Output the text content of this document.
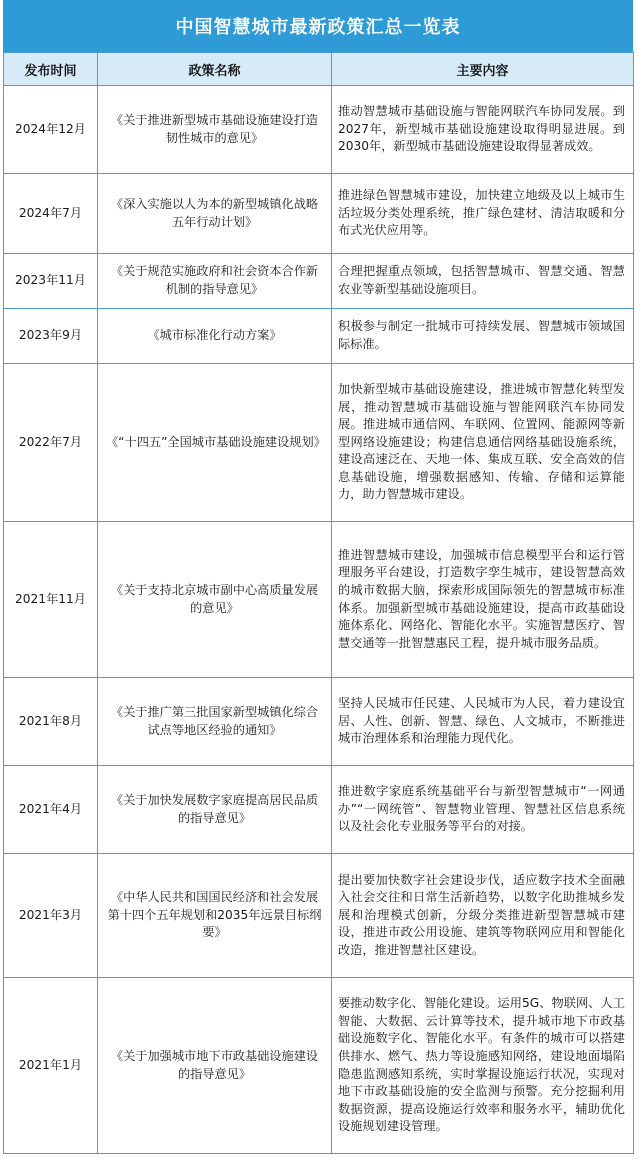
中国智慧城市最新政策汇总一览表
发布时间	政策名称	主要内容
2024年12月	《关于推进新型城市基础设施建设打造韧性城市的意见》	推动智慧城市基础设施与智能网联汽车协同发展。到2027年，新型城市基础设施建设取得明显进展。到2030年，新型城市基础设施建设取得显著成效。
2024年7月	《深入实施以人为本的新型城镇化战略五年行动计划》	推进绿色智慧城市建设，加快建立地级及以上城市生活垃圾分类处理系统，推广绿色建材、清洁取暖和分布式光伏应用等。
2023年11月	《关于规范实施政府和社会资本合作新机制的指导意见》	合理把握重点领域，包括智慧城市、智慧交通、智慧农业等新型基础设施项目。
2023年9月	《城市标准化行动方案》	积极参与制定一批城市可持续发展、智慧城市领域国际标准。
2022年7月	《“十四五”全国城市基础设施建设规划》	加快新型城市基础设施建设，推进城市智慧化转型发展，推动智慧城市基础设施与智能网联汽车协同发展。推进城市通信网、车联网、位置网、能源网等新型网络设施建设；构建信息通信网络基础设施系统，建设高速泛在、天地一体、集成互联、安全高效的信息基础设施，增强数据感知、传输、存储和运算能力，助力智慧城市建设。
2021年11月	《关于支持北京城市副中心高质量发展的意见》	推进智慧城市建设，加强城市信息模型平台和运行管理服务平台建设，打造数字孪生城市，建设智慧高效的城市数据大脑，探索形成国际领先的智慧城市标准体系。加强新型城市基础设施建设，提高市政基础设施体系化、网络化、智能化水平。实施智慧医疗、智慧交通等一批智慧惠民工程，提升城市服务品质。
2021年8月	《关于推广第三批国家新型城镇化综合试点等地区经验的通知》	坚持人民城市任民建、人民城市为人民，着力建设宜居、人性、创新、智慧、绿色、人文城市，不断推进城市治理体系和治理能力现代化。
2021年4月	《关于加快发展数字家庭提高居民品质的指导意见》	推进数字家庭系统基础平台与新型智慧城市“一网通办”“一网统管”、智慧物业管理、智慧社区信息系统以及社会化专业服务等平台的对接。
2021年3月	《中华人民共和国国民经济和社会发展第十四个五年规划和2035年远景目标纲要》	提出要加快数字社会建设步伐，适应数字技术全面融入社会交往和日常生活新趋势，以数字化助推城乡发展和治理模式创新，分级分类推进新型智慧城市建设，推进市政公用设施、建筑等物联网应用和智能化改造，推进智慧社区建设。
2021年1月	《关于加强城市地下市政基础设施建设的指导意见》	要推动数字化、智能化建设。运用5G、物联网、人工智能、大数据、云计算等技术，提升城市地下市政基础设施数字化、智能化水平。有条件的城市可以搭建供排水、燃气、热力等设施感知网络，建设地面塌陷隐患监测感知系统，实时掌握设施运行状况，实现对地下市政基础设施的安全监测与预警。充分挖掘利用数据资源，提高设施运行效率和服务水平，辅助优化设施规划建设管理。
